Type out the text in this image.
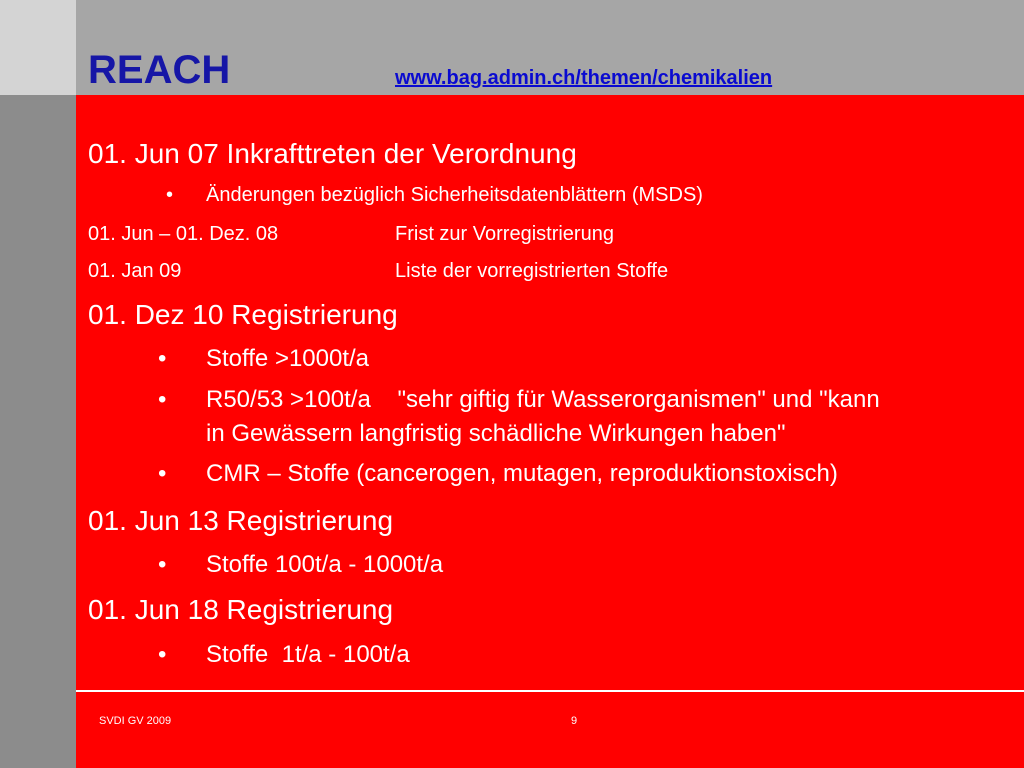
REACH	www.bag.admin.ch/themen/chemikalien
01. Jun 07 Inkrafttreten der Verordnung
• Änderungen bezüglich Sicherheitsdatenblättern (MSDS)
01. Jun – 01. Dez. 08	Frist zur Vorregistrierung
01. Jan 09	Liste der vorregistrierten Stoffe
01. Dez 10 Registrierung
• Stoffe >1000t/a
• R50/53 >100t/a    "sehr giftig für Wasserorganismen" und "kann
in Gewässern langfristig schädliche Wirkungen haben"
• CMR – Stoffe (cancerogen, mutagen, reproduktionstoxisch)
01. Jun 13 Registrierung
• Stoffe 100t/a - 1000t/a
01. Jun 18 Registrierung
• Stoffe  1t/a - 100t/a
SVDI GV 2009	9
